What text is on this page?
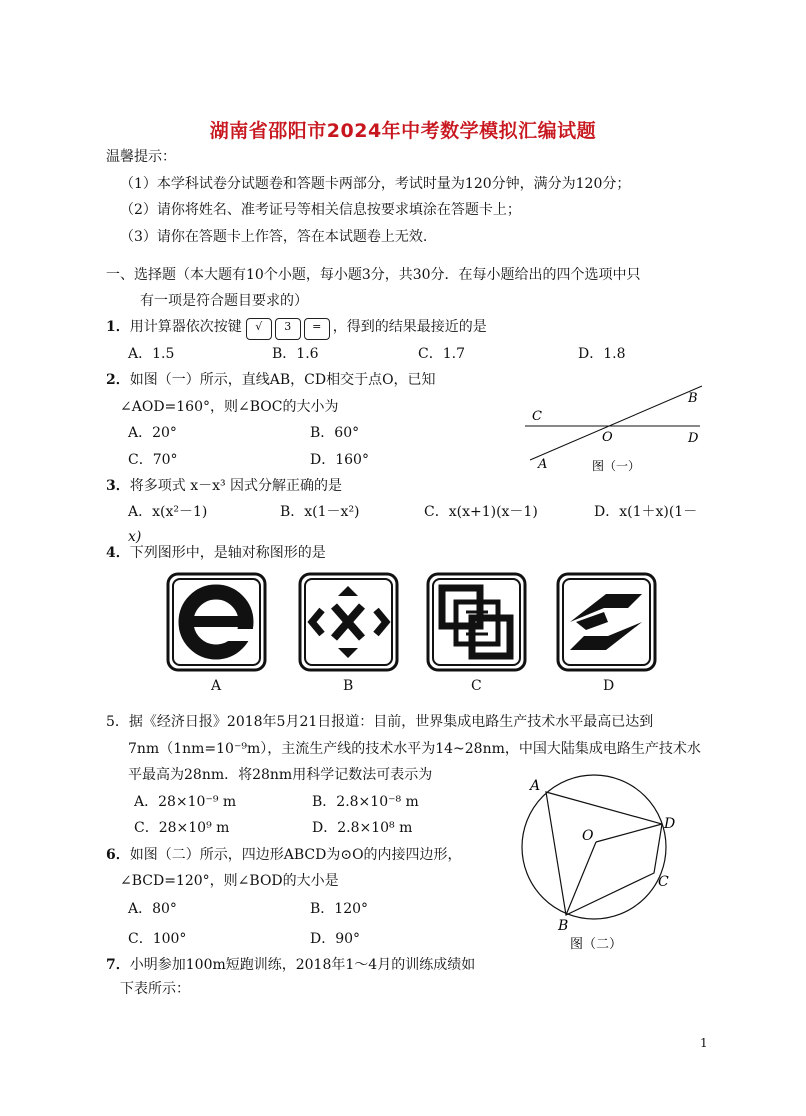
湖南省邵阳市2024年中考数学模拟汇编试题
温馨提示：
（1）本学科试卷分试题卷和答题卡两部分，考试时量为120分钟，满分为120分；
（2）请你将姓名、准考证号等相关信息按要求填涂在答题卡上；
（3）请你在答题卡上作答，答在本试题卷上无效.
一、选择题（本大题有10个小题，每小题3分，共30分．在每小题给出的四个选项中只
有一项是符合题目要求的）
1．用计算器依次按键 √ 3 = ，得到的结果最接近的是
A．1.5	B．1.6	C．1.7	D．1.8
2．如图（一）所示，直线AB，CD相交于点O，已知
∠AOD=160°，则∠BOC的大小为
A．20°	B．60°
C．70°	D．160°
C
B
O	D
A	图（一）
3．将多项式 x－x³ 因式分解正确的是
A．x(x²－1)	B．x(1－x²)	C．x(x+1)(x－1)	D．x(1＋x)(1－
x)
4．下列图形中，是轴对称图形的是
A	B	C	D
5．据《经济日报》2018年5月21日报道：目前，世界集成电路生产技术水平最高已达到
7nm（1nm=10⁻⁹m），主流生产线的技术水平为14~28nm，中国大陆集成电路生产技术水
平最高为28nm．将28nm用科学记数法可表示为
A．28×10⁻⁹ m	B．2.8×10⁻⁸ m
C．28×10⁹ m	D．2.8×10⁸ m
6．如图（二）所示，四边形ABCD为⊙O的内接四边形，
∠BCD=120°，则∠BOD的大小是
A．80°	B．120°
C．100°	D．90°
A
O
D
C
B
图（二）
7．小明参加100m短跑训练，2018年1～4月的训练成绩如
下表所示：
1
